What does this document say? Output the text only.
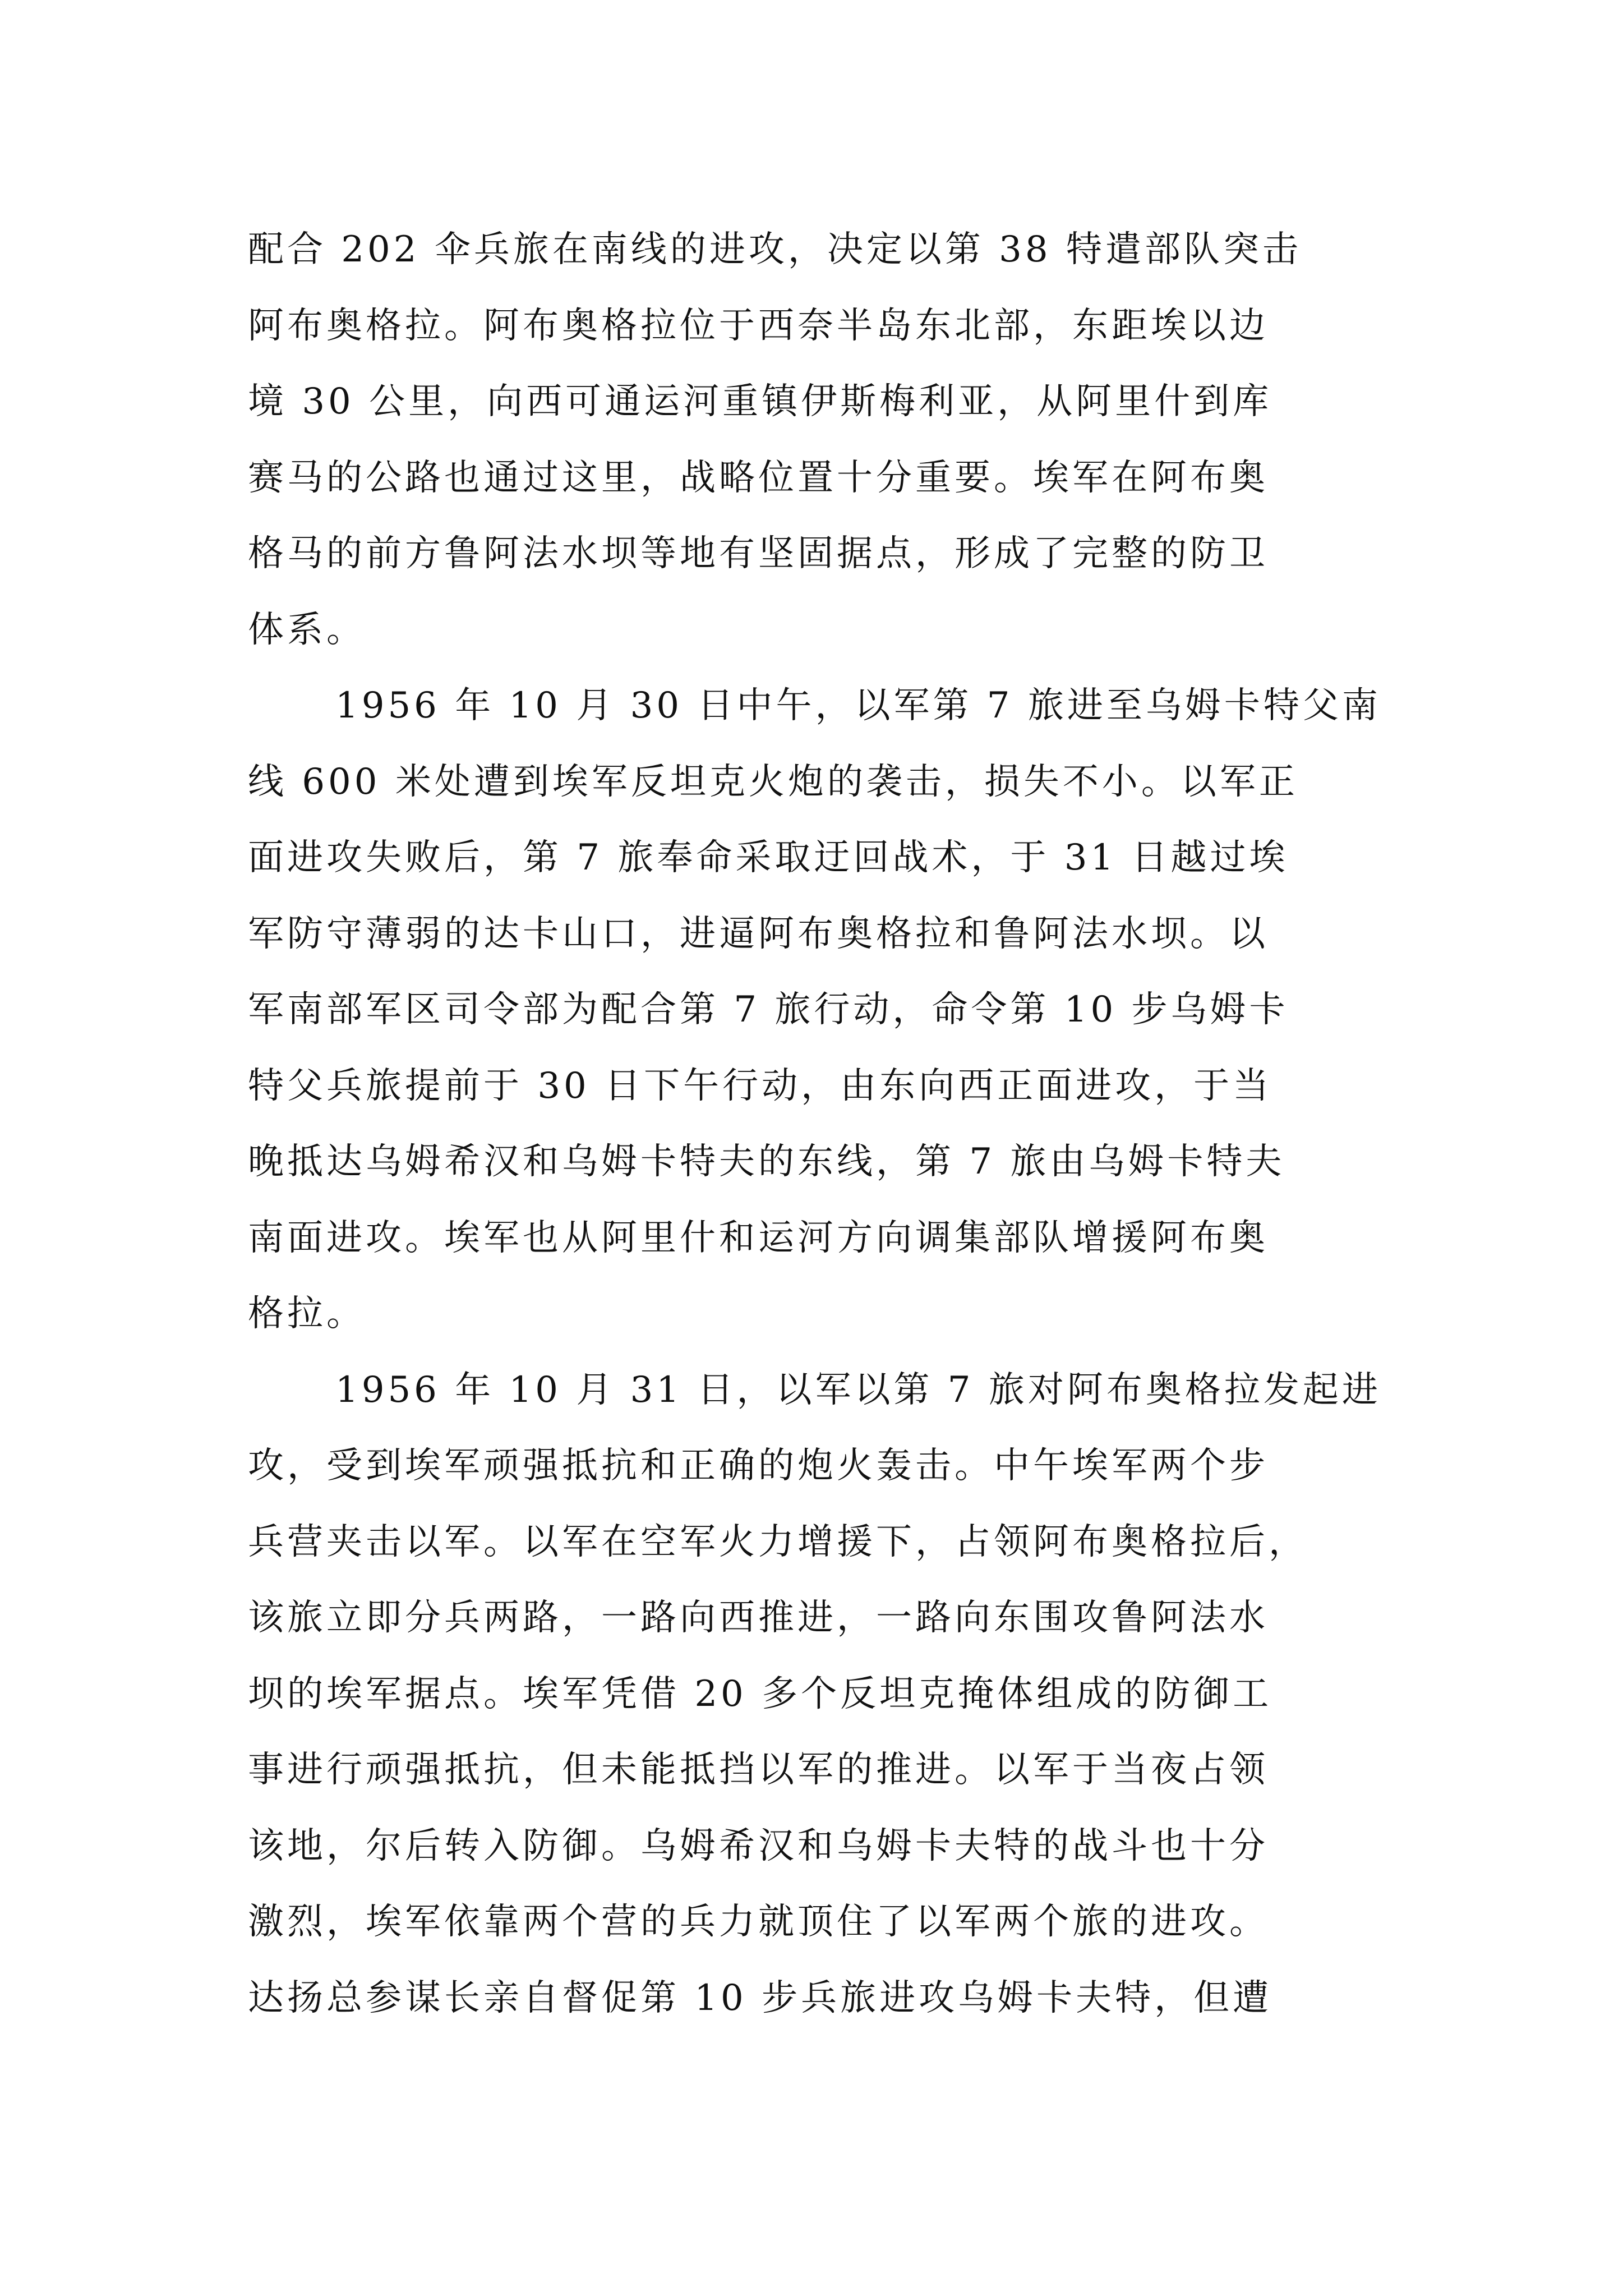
配合 202 伞兵旅在南线的进攻，决定以第 38 特遣部队突击
阿布奥格拉。阿布奥格拉位于西奈半岛东北部，东距埃以边
境 30 公里，向西可通运河重镇伊斯梅利亚，从阿里什到库
赛马的公路也通过这里，战略位置十分重要。埃军在阿布奥
格马的前方鲁阿法水坝等地有坚固据点，形成了完整的防卫
体系。
1956 年 10 月 30 日中午，以军第 7 旅进至乌姆卡特父南
线 600 米处遭到埃军反坦克火炮的袭击，损失不小。以军正
面进攻失败后，第 7 旅奉命采取迂回战术，于 31 日越过埃
军防守薄弱的达卡山口，进逼阿布奥格拉和鲁阿法水坝。以
军南部军区司令部为配合第 7 旅行动，命令第 10 步乌姆卡
特父兵旅提前于 30 日下午行动，由东向西正面进攻，于当
晚抵达乌姆希汉和乌姆卡特夫的东线，第 7 旅由乌姆卡特夫
南面进攻。埃军也从阿里什和运河方向调集部队增援阿布奥
格拉。
1956 年 10 月 31 日，以军以第 7 旅对阿布奥格拉发起进
攻，受到埃军顽强抵抗和正确的炮火轰击。中午埃军两个步
兵营夹击以军。以军在空军火力增援下，占领阿布奥格拉后，
该旅立即分兵两路，一路向西推进，一路向东围攻鲁阿法水
坝的埃军据点。埃军凭借 20 多个反坦克掩体组成的防御工
事进行顽强抵抗，但未能抵挡以军的推进。以军于当夜占领
该地，尔后转入防御。乌姆希汉和乌姆卡夫特的战斗也十分
激烈，埃军依靠两个营的兵力就顶住了以军两个旅的进攻。
达扬总参谋长亲自督促第 10 步兵旅进攻乌姆卡夫特，但遭
